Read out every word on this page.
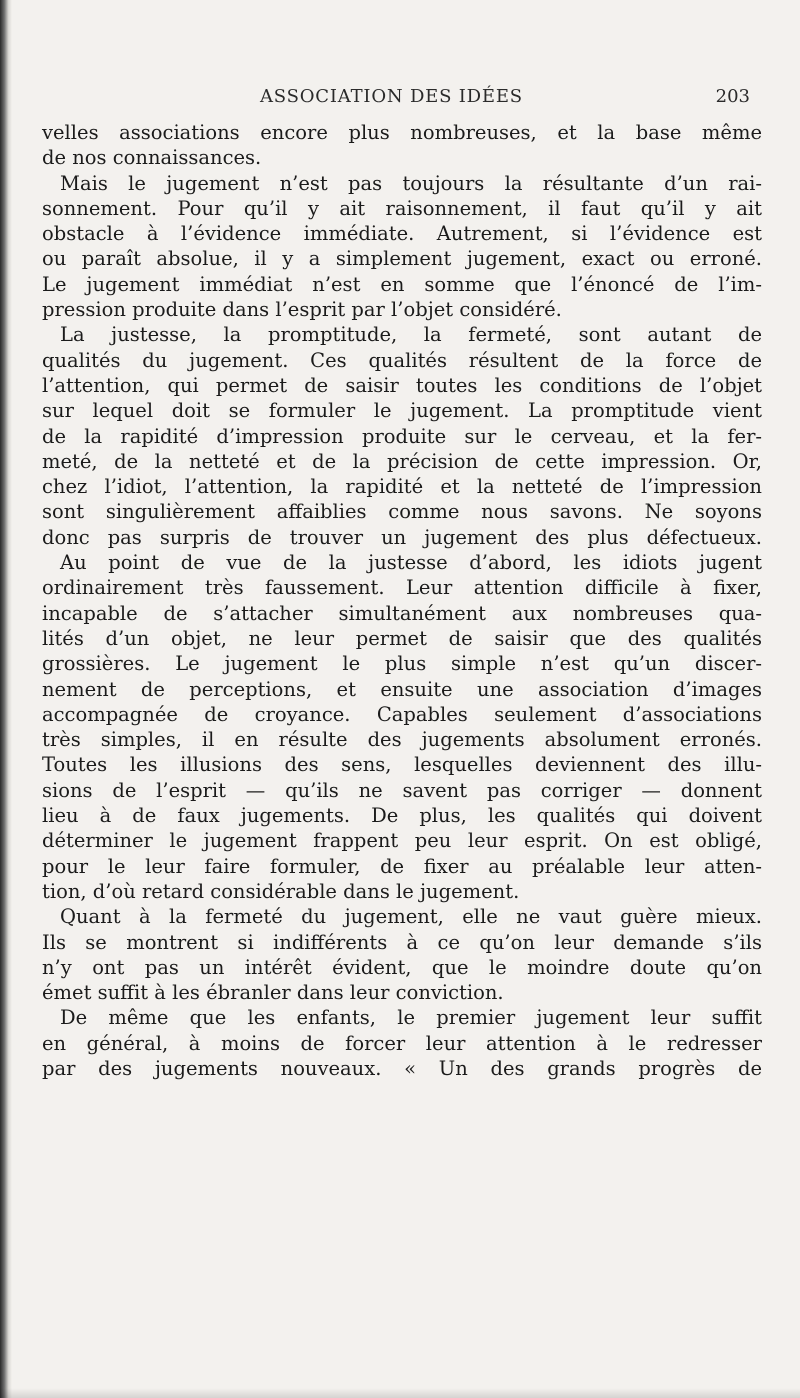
ASSOCIATION DES IDÉES	203
velles associations encore plus nombreuses, et la base même
de nos connaissances.
Mais le jugement n’est pas toujours la résultante d’un rai-
sonnement. Pour qu’il y ait raisonnement, il faut qu’il y ait
obstacle à l’évidence immédiate. Autrement, si l’évidence est
ou paraît absolue, il y a simplement jugement, exact ou erroné.
Le jugement immédiat n’est en somme que l’énoncé de l’im-
pression produite dans l’esprit par l’objet considéré.
La justesse, la promptitude, la fermeté, sont autant de
qualités du jugement. Ces qualités résultent de la force de
l’attention, qui permet de saisir toutes les conditions de l’objet
sur lequel doit se formuler le jugement. La promptitude vient
de la rapidité d’impression produite sur le cerveau, et la fer-
meté, de la netteté et de la précision de cette impression. Or,
chez l’idiot, l’attention, la rapidité et la netteté de l’impression
sont singulièrement affaiblies comme nous savons. Ne soyons
donc pas surpris de trouver un jugement des plus défectueux.
Au point de vue de la justesse d’abord, les idiots jugent
ordinairement très faussement. Leur attention difficile à fixer,
incapable de s’attacher simultanément aux nombreuses qua-
lités d’un objet, ne leur permet de saisir que des qualités
grossières. Le jugement le plus simple n’est qu’un discer-
nement de perceptions, et ensuite une association d’images
accompagnée de croyance. Capables seulement d’associations
très simples, il en résulte des jugements absolument erronés.
Toutes les illusions des sens, lesquelles deviennent des illu-
sions de l’esprit — qu’ils ne savent pas corriger — donnent
lieu à de faux jugements. De plus, les qualités qui doivent
déterminer le jugement frappent peu leur esprit. On est obligé,
pour le leur faire formuler, de fixer au préalable leur atten-
tion, d’où retard considérable dans le jugement.
Quant à la fermeté du jugement, elle ne vaut guère mieux.
Ils se montrent si indifférents à ce qu’on leur demande s’ils
n’y ont pas un intérêt évident, que le moindre doute qu’on
émet suffit à les ébranler dans leur conviction.
De même que les enfants, le premier jugement leur suffit
en général, à moins de forcer leur attention à le redresser
par des jugements nouveaux. « Un des grands progrès de
